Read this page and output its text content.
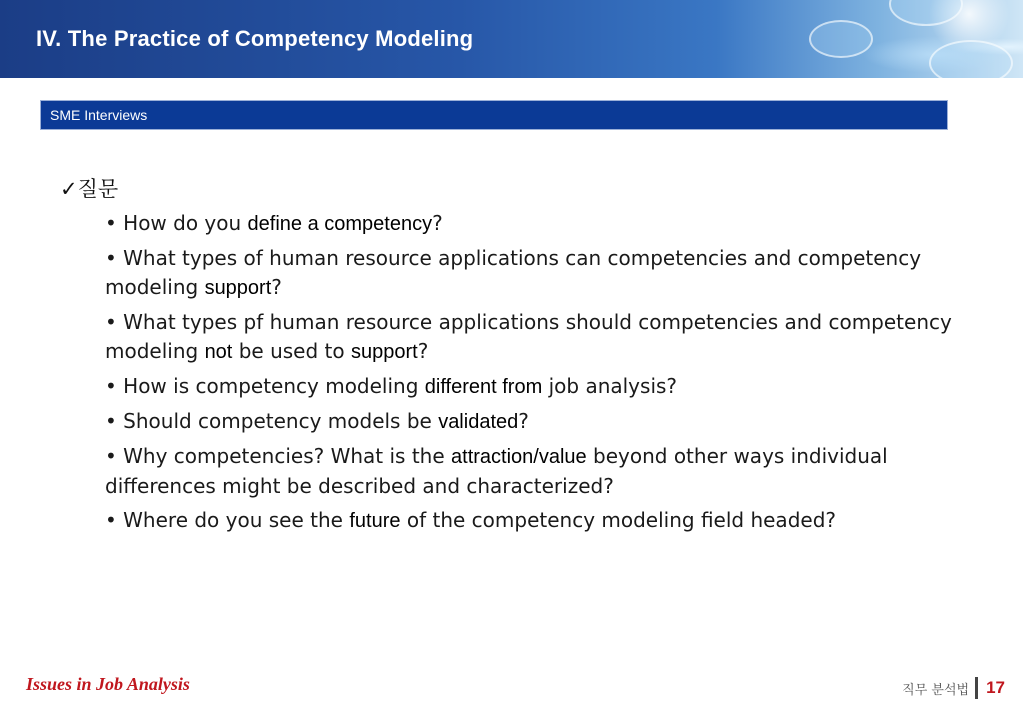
IV. The Practice of Competency Modeling
SME Interviews
✓질문
• How do you define a competency?
• What types of human resource applications can competencies and competency modeling support?
• What types pf human resource applications should competencies and competency modeling not be used to support?
• How is competency modeling different from job analysis?
• Should competency models be validated?
• Why competencies? What is the attraction/value beyond other ways individual differences might be described and characterized?
• Where do you see the future of the competency modeling field headed?
Issues in Job Analysis	직무 분석법 17
